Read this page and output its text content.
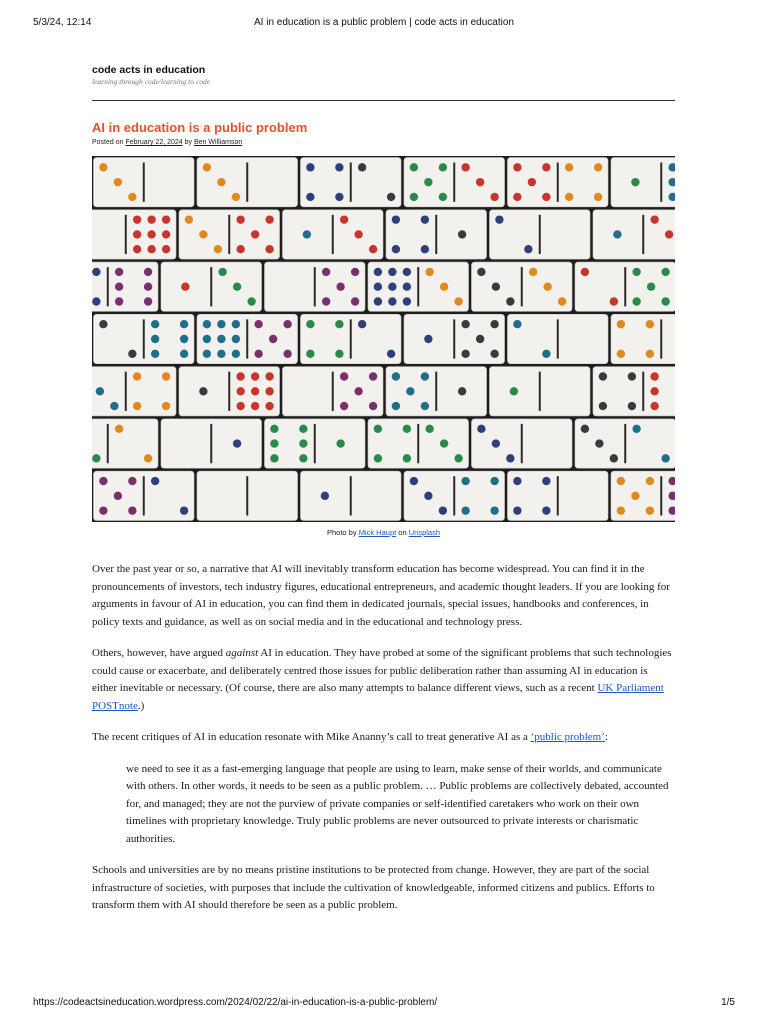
5/3/24, 12:14	AI in education is a public problem | code acts in education
code acts in education
learning through code/learning to code
AI in education is a public problem
Posted on February 22, 2024 by Ben Williamson
Photo by Mick Haupt on Unsplash

Over the past year or so, a narrative that AI will inevitably transform education has become widespread. You can find it in the pronouncements of investors, tech industry figures, educational entrepreneurs, and academic thought leaders. If you are looking for arguments in favour of AI in education, you can find them in dedicated journals, special issues, handbooks and conferences, in policy texts and guidance, as well as on social media and in the educational and technology press.

Others, however, have argued against AI in education. They have probed at some of the significant problems that such technologies could cause or exacerbate, and deliberately centred those issues for public deliberation rather than assuming AI in education is either inevitable or necessary. (Of course, there are also many attempts to balance different views, such as a recent UK Parliament POSTnote.)

The recent critiques of AI in education resonate with Mike Ananny’s call to treat generative AI as a ‘public problem’:

we need to see it as a fast-emerging language that people are using to learn, make sense of their worlds, and communicate with others. In other words, it needs to be seen as a public problem. … Public problems are collectively debated, accounted for, and managed; they are not the purview of private companies or self-identified caretakers who work on their own timelines with proprietary knowledge. Truly public problems are never outsourced to private interests or charismatic authorities.

Schools and universities are by no means pristine institutions to be protected from change. However, they are part of the social infrastructure of societies, with purposes that include the cultivation of knowledgeable, informed citizens and publics. Efforts to transform them with AI should therefore be seen as a public problem.

https://codeactsineducation.wordpress.com/2024/02/22/ai-in-education-is-a-public-problem/	1/5
